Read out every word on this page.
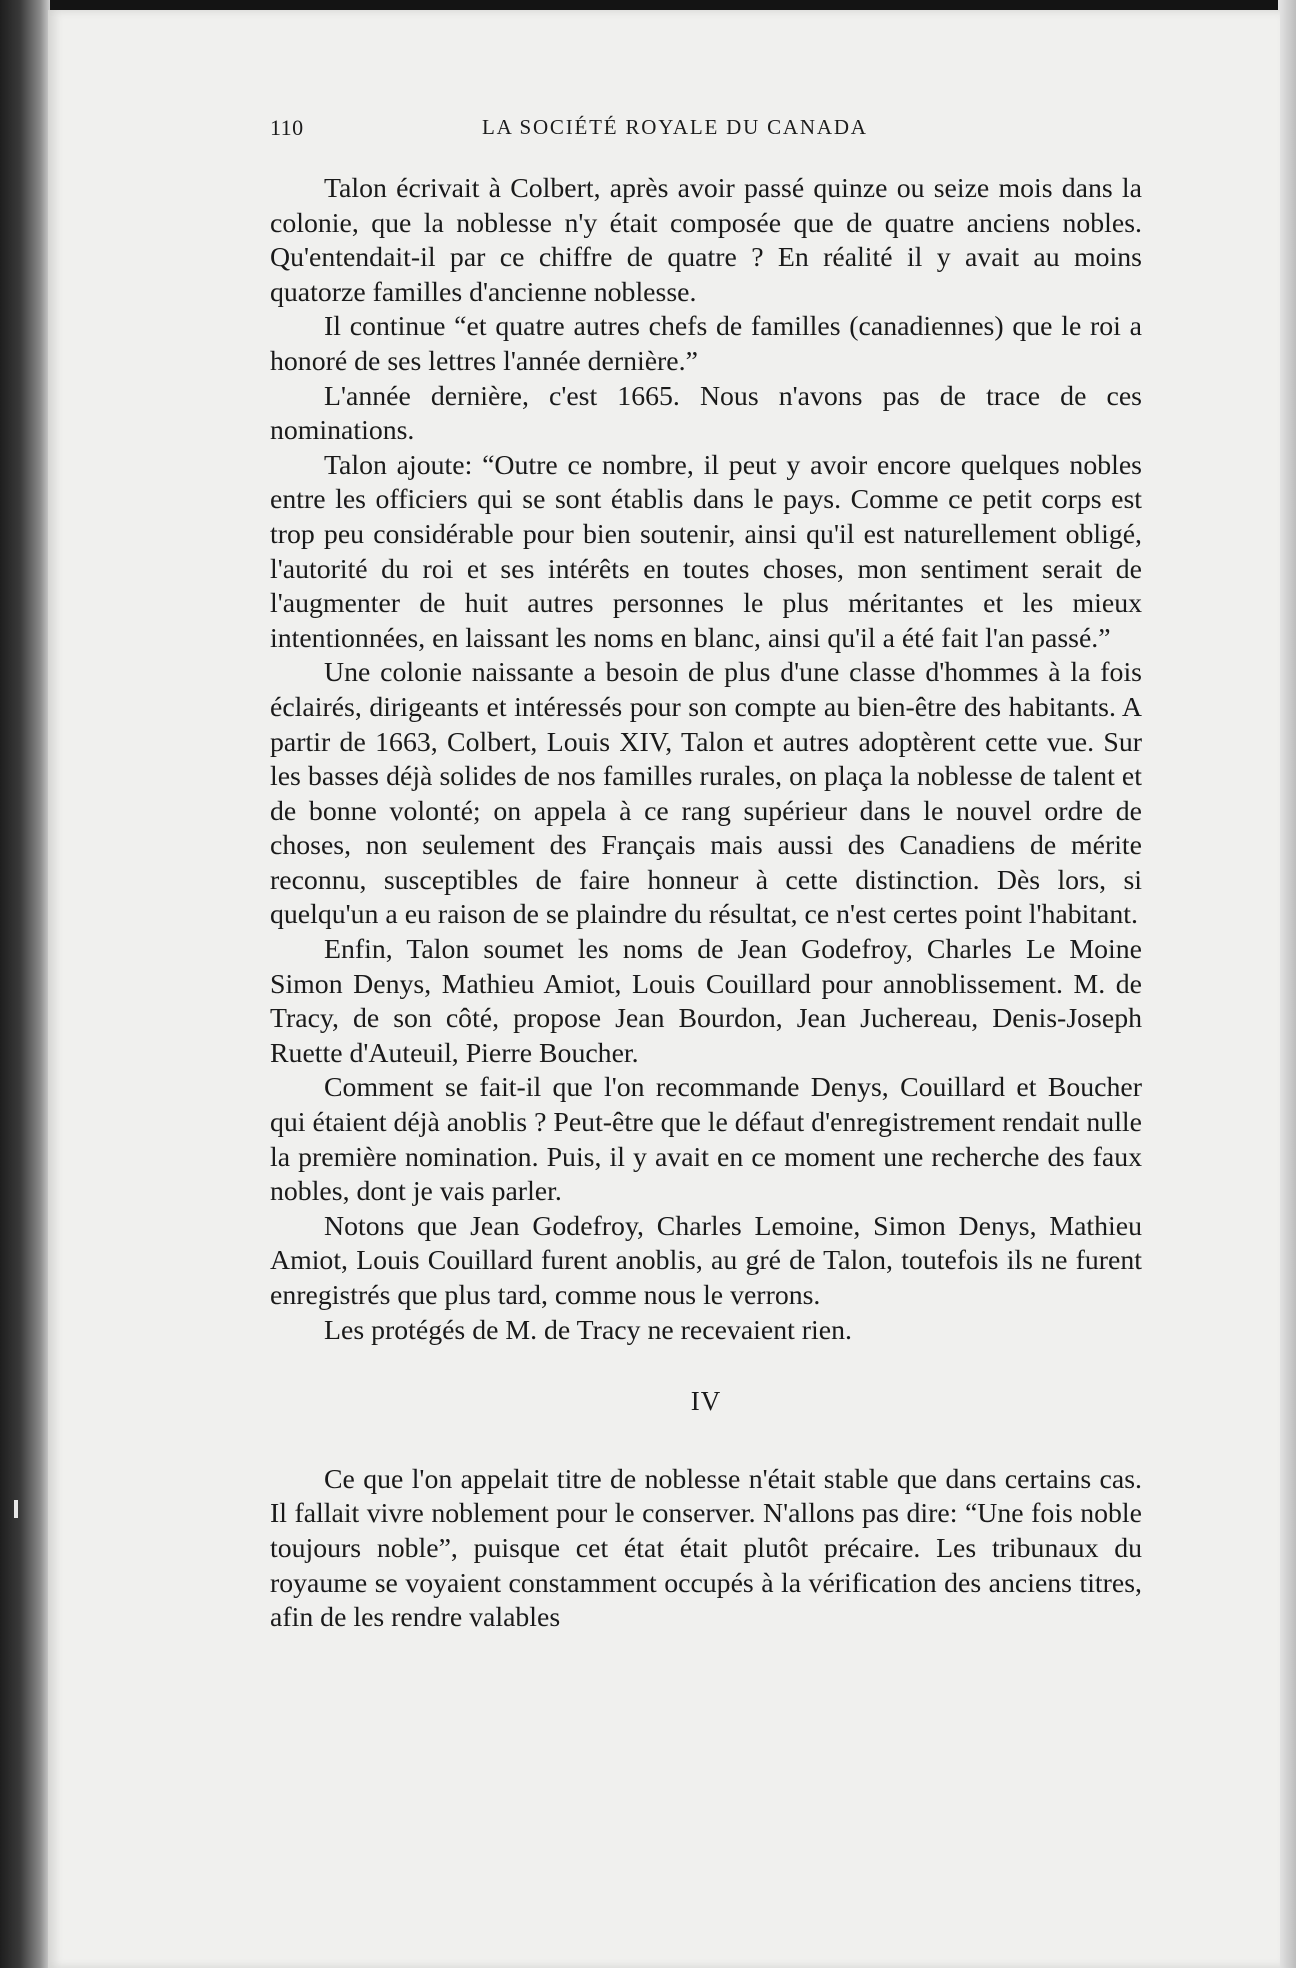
110	LA SOCIÉTÉ ROYALE DU CANADA

Talon écrivait à Colbert, après avoir passé quinze ou seize mois dans la colonie, que la noblesse n'y était composée que de quatre anciens nobles. Qu'entendait-il par ce chiffre de quatre ? En réalité il y avait au moins quatorze familles d'ancienne noblesse.

Il continue “et quatre autres chefs de familles (canadiennes) que le roi a honoré de ses lettres l'année dernière.”

L'année dernière, c'est 1665. Nous n'avons pas de trace de ces nominations.

Talon ajoute: “Outre ce nombre, il peut y avoir encore quelques nobles entre les officiers qui se sont établis dans le pays. Comme ce petit corps est trop peu considérable pour bien soutenir, ainsi qu'il est naturellement obligé, l'autorité du roi et ses intérêts en toutes choses, mon sentiment serait de l'augmenter de huit autres personnes le plus méritantes et les mieux intentionnées, en laissant les noms en blanc, ainsi qu'il a été fait l'an passé.”

Une colonie naissante a besoin de plus d'une classe d'hommes à la fois éclairés, dirigeants et intéressés pour son compte au bien-être des habitants. A partir de 1663, Colbert, Louis XIV, Talon et autres adoptèrent cette vue. Sur les basses déjà solides de nos familles rurales, on plaça la noblesse de talent et de bonne volonté; on appela à ce rang supérieur dans le nouvel ordre de choses, non seulement des Français mais aussi des Canadiens de mérite reconnu, susceptibles de faire honneur à cette distinction. Dès lors, si quelqu'un a eu raison de se plaindre du résultat, ce n'est certes point l'habitant.

Enfin, Talon soumet les noms de Jean Godefroy, Charles Le Moine Simon Denys, Mathieu Amiot, Louis Couillard pour annoblissement. M. de Tracy, de son côté, propose Jean Bourdon, Jean Juchereau, Denis-Joseph Ruette d'Auteuil, Pierre Boucher.

Comment se fait-il que l'on recommande Denys, Couillard et Boucher qui étaient déjà anoblis ? Peut-être que le défaut d'enregistrement rendait nulle la première nomination. Puis, il y avait en ce moment une recherche des faux nobles, dont je vais parler.

Notons que Jean Godefroy, Charles Lemoine, Simon Denys, Mathieu Amiot, Louis Couillard furent anoblis, au gré de Talon, toutefois ils ne furent enregistrés que plus tard, comme nous le verrons.

Les protégés de M. de Tracy ne recevaient rien.

IV

Ce que l'on appelait titre de noblesse n'était stable que dans certains cas. Il fallait vivre noblement pour le conserver. N'allons pas dire: “Une fois noble toujours noble”, puisque cet état était plutôt précaire. Les tribunaux du royaume se voyaient constamment occupés à la vérification des anciens titres, afin de les rendre valables
